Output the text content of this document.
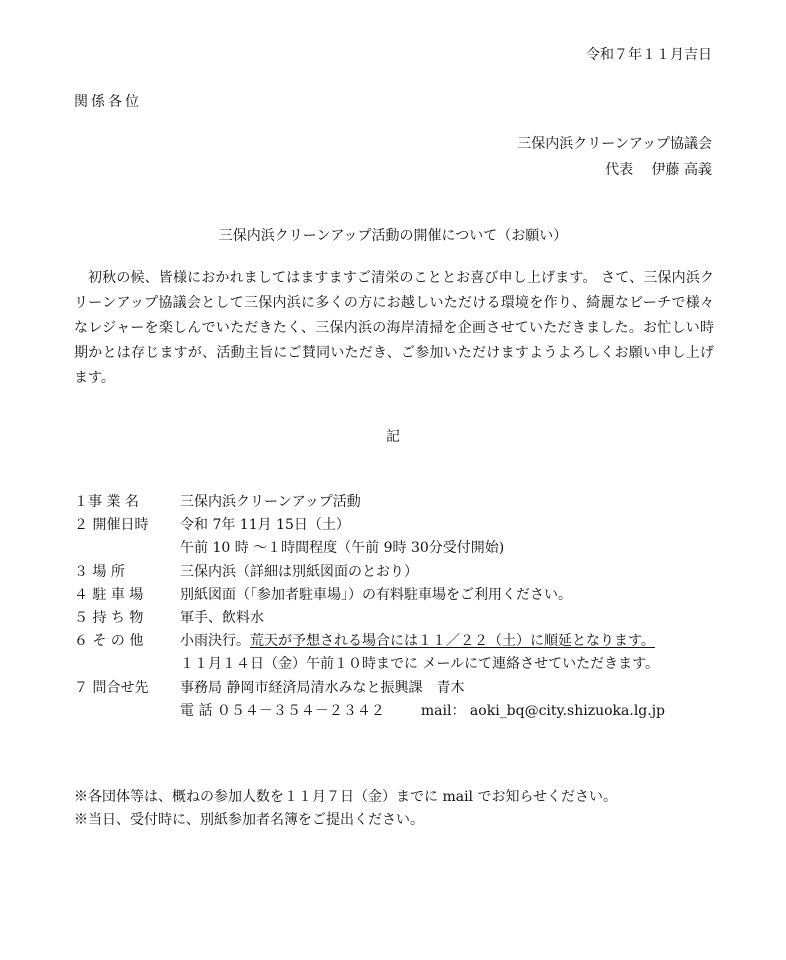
令和７年１１月吉日
関係各位
三保内浜クリーンアップ協議会
代表　 伊藤 高義
三保内浜クリーンアップ活動の開催について（お願い）
初秋の候、皆様におかれましてはますますご清栄のこととお喜び申し上げます。 さて、三保内浜クリーンアップ協議会として三保内浜に多くの方にお越しいただける環境を作り、綺麗なビーチで様々なレジャーを楽しんでいただきたく、三保内浜の海岸清掃を企画させていただきました。お忙しい時期かとは存じますが、活動主旨にご賛同いただき、ご参加いただけますようよろしくお願い申し上げます。
記
１事 業 名	三保内浜クリーンアップ活動
２ 開催日時	令和 7年 11月 15日（土）
午前 10 時 〜１時間程度（午前 9時 30分受付開始)
３ 場 所	三保内浜（詳細は別紙図面のとおり）
４ 駐 車 場	別紙図面（「参加者駐車場」）の有料駐車場をご利用ください。
５ 持 ち 物	軍手、飲料水
６ そ の 他	小雨決行。荒天が予想される場合には１１／２２（土）に順延となります。
１１月１４日（金）午前１０時までに メールにて連絡させていただきます。
７ 問合せ先	事務局 静岡市経済局清水みなと振興課　青木
電 話 ０５４－３５４－２３４２	mail： aoki_bq@city.shizuoka.lg.jp
※各団体等は、概ねの参加人数を１１月７日（金）までに mail でお知らせください。
※当日、受付時に、別紙参加者名簿をご提出ください。
